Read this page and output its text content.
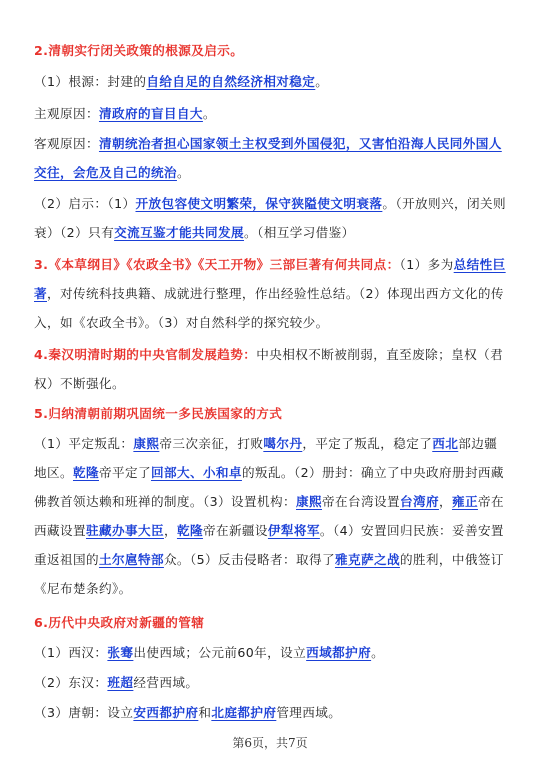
2.清朝实行闭关政策的根源及启示。
（1）根源：封建的自给自足的自然经济相对稳定。
主观原因：清政府的盲目自大。
客观原因：清朝统治者担心国家领土主权受到外国侵犯，又害怕沿海人民同外国人交往，会危及自己的统治。
（2）启示：（1）开放包容使文明繁荣，保守狭隘使文明衰落。（开放则兴，闭关则衰）（2）只有交流互鉴才能共同发展。（相互学习借鉴）
3.《本草纲目》《农政全书》《天工开物》三部巨著有何共同点：（1）多为总结性巨著，对传统科技典籍、成就进行整理，作出经验性总结。（2）体现出西方文化的传入，如《农政全书》。（3）对自然科学的探究较少。
4.秦汉明清时期的中央官制发展趋势：中央相权不断被削弱，直至废除；皇权（君权）不断强化。
5.归纳清朝前期巩固统一多民族国家的方式
（1）平定叛乱：康熙帝三次亲征，打败噶尔丹，平定了叛乱，稳定了西北部边疆地区。乾隆帝平定了回部大、小和卓的叛乱。（2）册封：确立了中央政府册封西藏佛教首领达赖和班禅的制度。（3）设置机构：康熙帝在台湾设置台湾府，雍正帝在西藏设置驻藏办事大臣，乾隆帝在新疆设伊犁将军。（4）安置回归民族：妥善安置重返祖国的土尔扈特部众。（5）反击侵略者：取得了雅克萨之战的胜利，中俄签订《尼布楚条约》。
6.历代中央政府对新疆的管辖
（1）西汉：张骞出使西域；公元前60年，设立西域都护府。
（2）东汉：班超经营西域。
（3）唐朝：设立安西都护府和北庭都护府管理西域。
第6页，共7页
